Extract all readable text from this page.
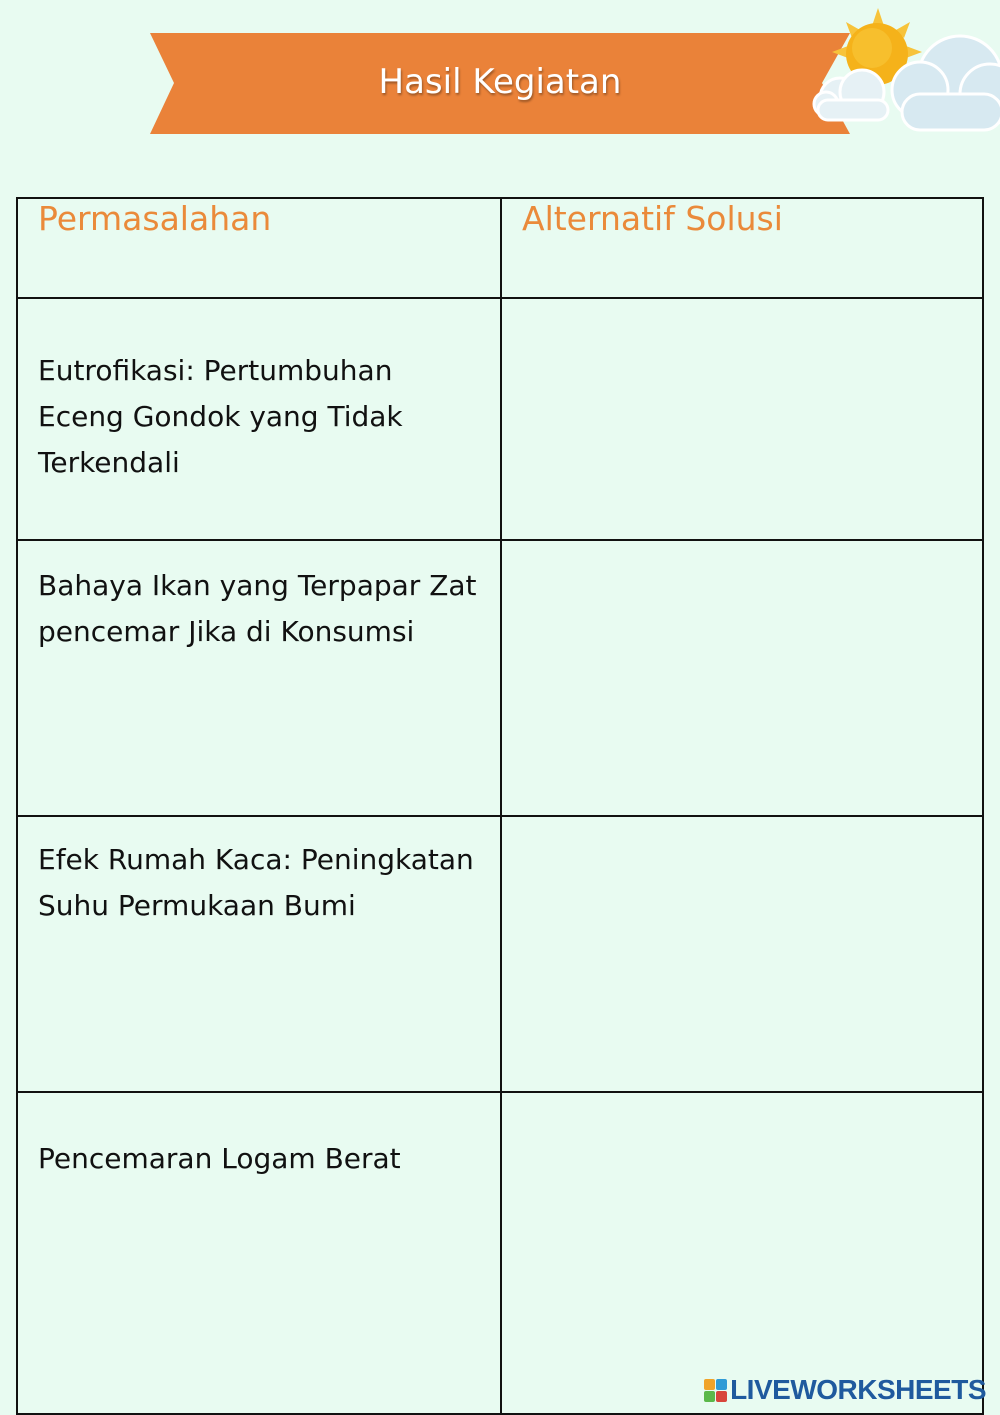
Hasil Kegiatan
Permasalahan	Alternatif Solusi

Eutrofikasi: Pertumbuhan Eceng Gondok yang Tidak Terkendali	

Bahaya Ikan yang Terpapar Zat pencemar Jika di Konsumsi	

Efek Rumah Kaca: Peningkatan Suhu Permukaan Bumi	

Pencemaran Logam Berat	

LIVEWORKSHEETS
